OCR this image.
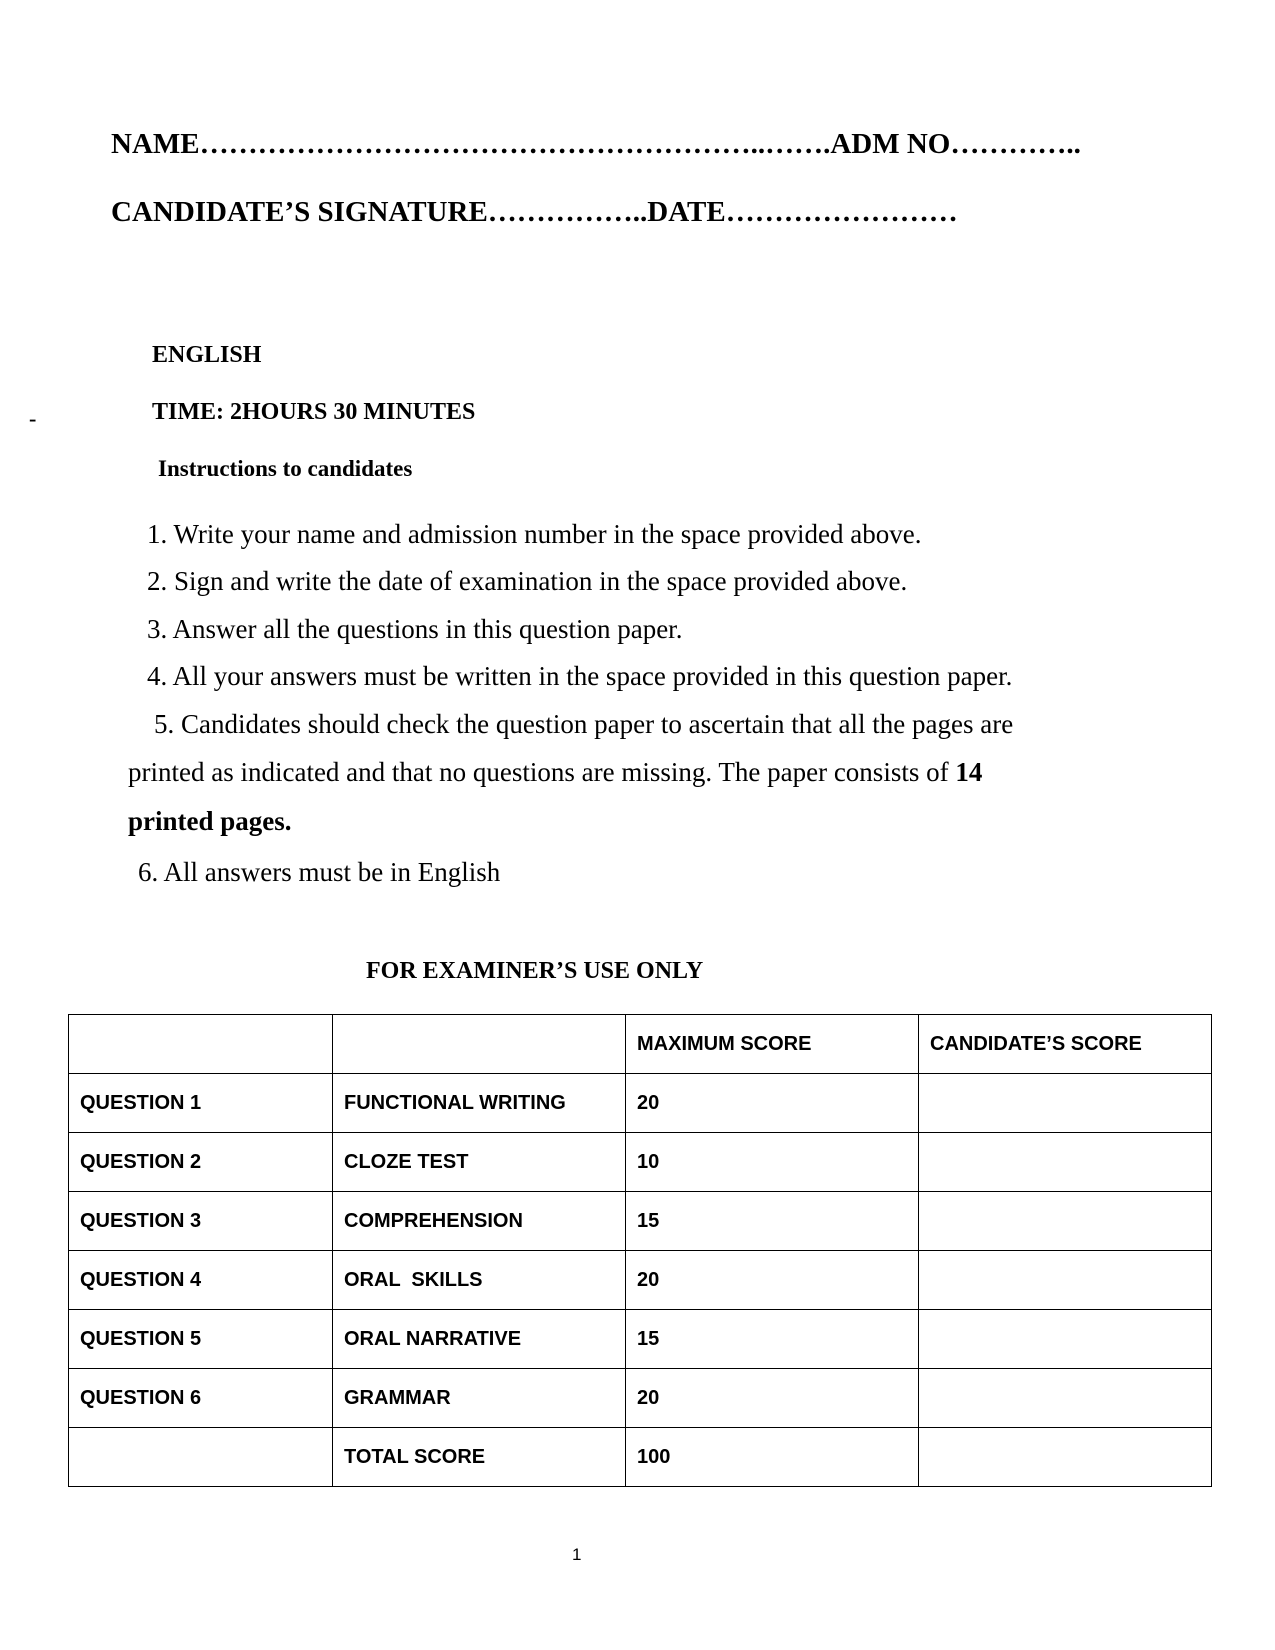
NAME…………………………………………………..…….ADM NO…………..
CANDIDATE’S SIGNATURE……………..DATE……………………
-
ENGLISH
TIME: 2HOURS 30 MINUTES
Instructions to candidates
1. Write your name and admission number in the space provided above.
2. Sign and write the date of examination in the space provided above.
3. Answer all the questions in this question paper.
4. All your answers must be written in the space provided in this question paper.
5. Candidates should check the question paper to ascertain that all the pages are
printed as indicated and that no questions are missing. The paper consists of 14
printed pages.
6. All answers must be in English
FOR EXAMINER’S USE ONLY
		MAXIMUM SCORE	CANDIDATE’S SCORE
QUESTION 1	FUNCTIONAL WRITING	20	
QUESTION 2	CLOZE TEST	10	
QUESTION 3	COMPREHENSION	15	
QUESTION 4	ORAL  SKILLS	20	
QUESTION 5	ORAL NARRATIVE	15	
QUESTION 6	GRAMMAR	20	
	TOTAL SCORE	100	
1
